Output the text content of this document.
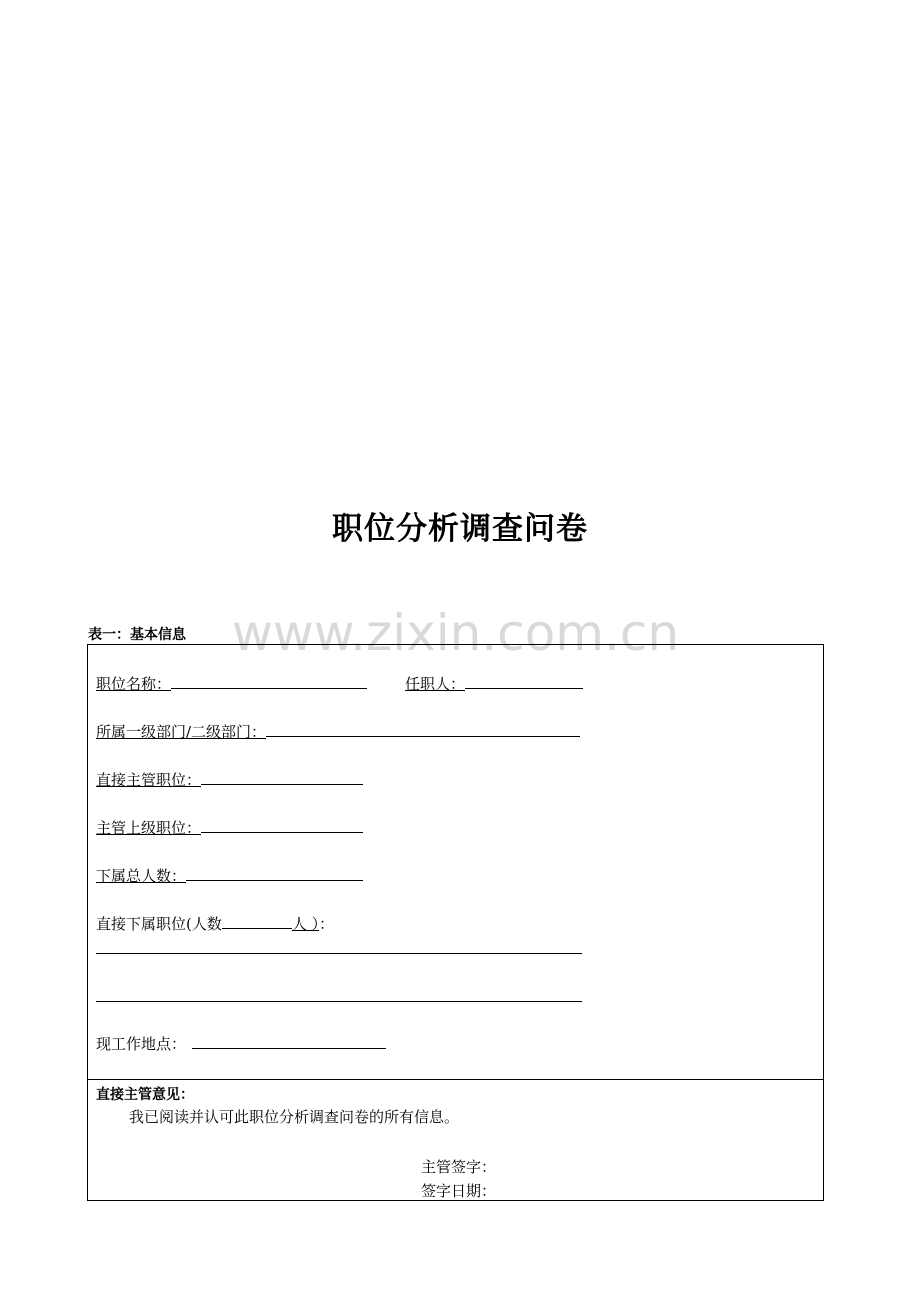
职位分析调查问卷
www.zixin.com.cn
表一：基本信息
职位名称：	任职人：
所属一级部门/二级部门：
直接主管职位：
主管上级职位：
下属总人数：
直接下属职位(人数	人 ）：
现工作地点：
直接主管意见：
我已阅读并认可此职位分析调查问卷的所有信息。
主管签字：
签字日期：
